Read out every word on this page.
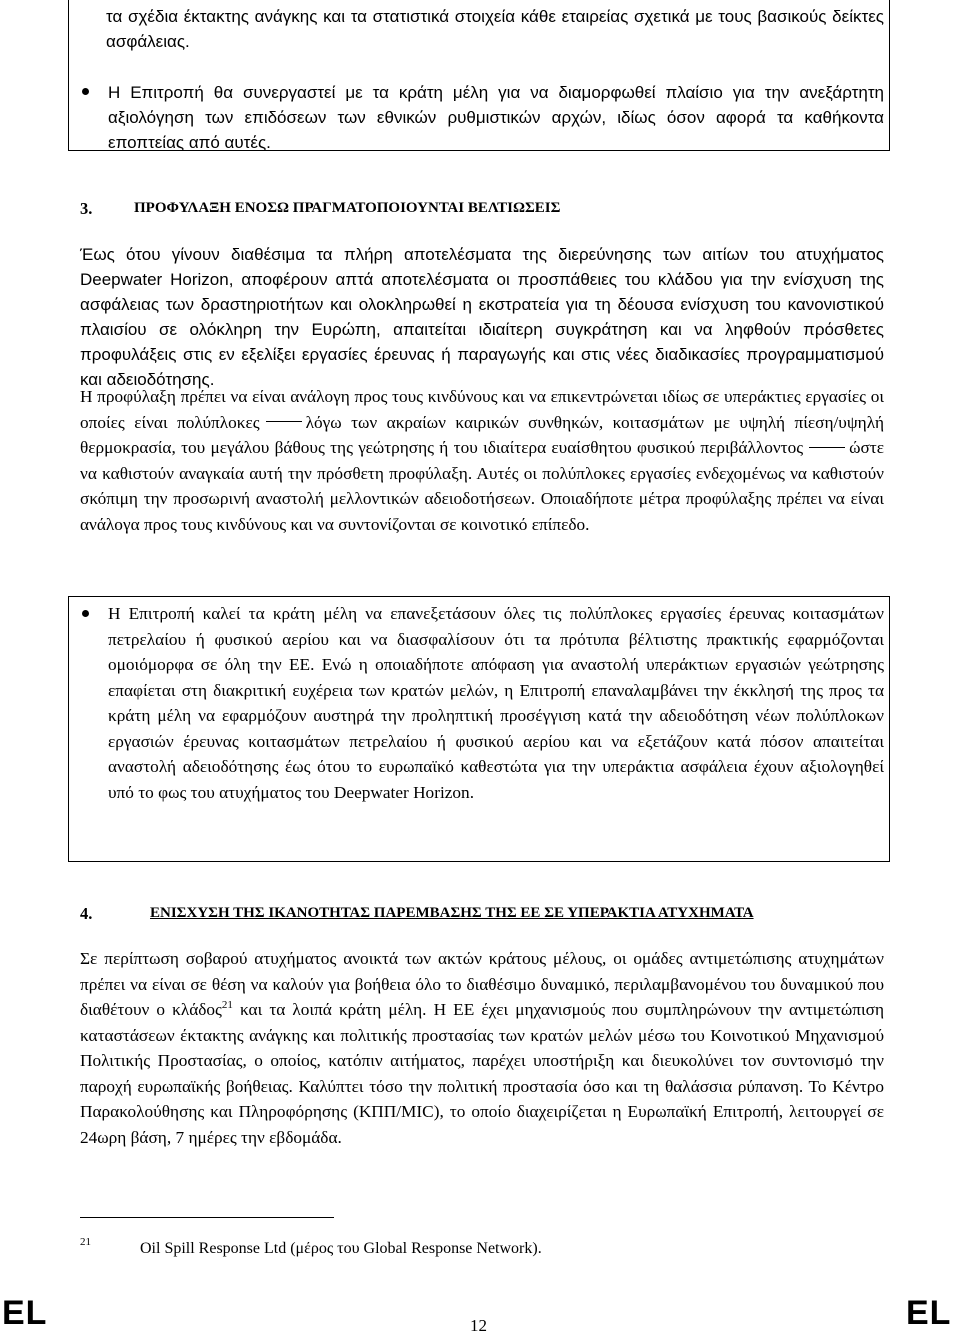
τα σχέδια έκτακτης ανάγκης και τα στατιστικά στοιχεία κάθε εταιρείας σχετικά με τους βασικούς δείκτες ασφάλειας.

Η Επιτροπή θα συνεργαστεί με τα κράτη μέλη για να διαμορφωθεί πλαίσιο για την ανεξάρτητη αξιολόγηση των επιδόσεων των εθνικών ρυθμιστικών αρχών, ιδίως όσον αφορά τα καθήκοντα εποπτείας από αυτές.
3.	ΠΡΟΦΥΛΑΞΗ ΕΝΟΣΩ ΠΡΑΓΜΑΤΟΠΟΙΟΥΝΤΑΙ ΒΕΛΤΙΩΣΕΙΣ

Έως ότου γίνουν διαθέσιμα τα πλήρη αποτελέσματα της διερεύνησης των αιτίων του ατυχήματος Deepwater Horizon, αποφέρουν απτά αποτελέσματα οι προσπάθειες του κλάδου για την ενίσχυση της ασφάλειας των δραστηριοτήτων και ολοκληρωθεί η εκστρατεία για τη δέουσα ενίσχυση του κανονιστικού πλαισίου σε ολόκληρη την Ευρώπη, απαιτείται ιδιαίτερη συγκράτηση και να ληφθούν πρόσθετες προφυλάξεις στις εν εξελίξει εργασίες έρευνας ή παραγωγής και στις νέες διαδικασίες προγραμματισμού και αδειοδότησης.

Η προφύλαξη πρέπει να είναι ανάλογη προς τους κινδύνους και να επικεντρώνεται ιδίως σε υπεράκτιες εργασίες οι οποίες είναι πολύπλοκες	λόγω των ακραίων καιρικών συνθηκών, κοιτασμάτων με υψηλή πίεση/υψηλή θερμοκρασία, του μεγάλου βάθους της γεώτρησης ή του ιδιαίτερα ευαίσθητου φυσικού περιβάλλοντος	ώστε να καθιστούν αναγκαία αυτή την πρόσθετη προφύλαξη. Αυτές οι πολύπλοκες εργασίες ενδεχομένως να καθιστούν σκόπιμη την προσωρινή αναστολή μελλοντικών αδειοδοτήσεων. Οποιαδήποτε μέτρα προφύλαξης πρέπει να είναι ανάλογα προς τους κινδύνους και να συντονίζονται σε κοινοτικό επίπεδο.

Η Επιτροπή καλεί τα κράτη μέλη να επανεξετάσουν όλες τις πολύπλοκες εργασίες έρευνας κοιτασμάτων πετρελαίου ή φυσικού αερίου και να διασφαλίσουν ότι τα πρότυπα βέλτιστης πρακτικής εφαρμόζονται ομοιόμορφα σε όλη την ΕΕ. Ενώ η οποιαδήποτε απόφαση για αναστολή υπεράκτιων εργασιών γεώτρησης επαφίεται στη διακριτική ευχέρεια των κρατών μελών, η Επιτροπή επαναλαμβάνει την έκκλησή της προς τα κράτη μέλη να εφαρμόζουν αυστηρά την προληπτική προσέγγιση κατά την αδειοδότηση νέων πολύπλοκων εργασιών έρευνας κοιτασμάτων πετρελαίου ή φυσικού αερίου και να εξετάζουν κατά πόσον απαιτείται αναστολή αδειοδότησης έως ότου το ευρωπαϊκό καθεστώτα για την υπεράκτια ασφάλεια έχουν αξιολογηθεί υπό το φως του ατυχήματος του Deepwater Horizon.
4.	ΕΝΙΣΧΥΣΗ ΤΗΣ ΙΚΑΝΟΤΗΤΑΣ ΠΑΡΕΜΒΑΣΗΣ ΤΗΣ ΕΕ ΣΕ ΥΠΕΡΑΚΤΙΑ ΑΤΥΧΗΜΑΤΑ

Σε περίπτωση σοβαρού ατυχήματος ανοικτά των ακτών κράτους μέλους, οι ομάδες αντιμετώπισης ατυχημάτων πρέπει να είναι σε θέση να καλούν για βοήθεια όλο το διαθέσιμο δυναμικό, περιλαμβανομένου του δυναμικού που διαθέτουν ο κλάδος$^{21}$ και τα λοιπά κράτη μέλη. Η ΕΕ έχει μηχανισμούς που συμπληρώνουν την αντιμετώπιση καταστάσεων έκτακτης ανάγκης και πολιτικής προστασίας των κρατών μελών μέσω του Κοινοτικού Μηχανισμού Πολιτικής Προστασίας, ο οποίος, κατόπιν αιτήματος, παρέχει υποστήριξη και διευκολύνει τον συντονισμό την παροχή ευρωπαϊκής βοήθειας. Καλύπτει τόσο την πολιτική προστασία όσο και τη θαλάσσια ρύπανση. Το Κέντρο Παρακολούθησης και Πληροφόρησης (ΚΠΠ/MIC), το οποίο διαχειρίζεται η Ευρωπαϊκή Επιτροπή, λειτουργεί σε 24ωρη βάση, 7 ημέρες την εβδομάδα.

21	Oil Spill Response Ltd (μέρος του Global Response Network).
EL	12	EL
